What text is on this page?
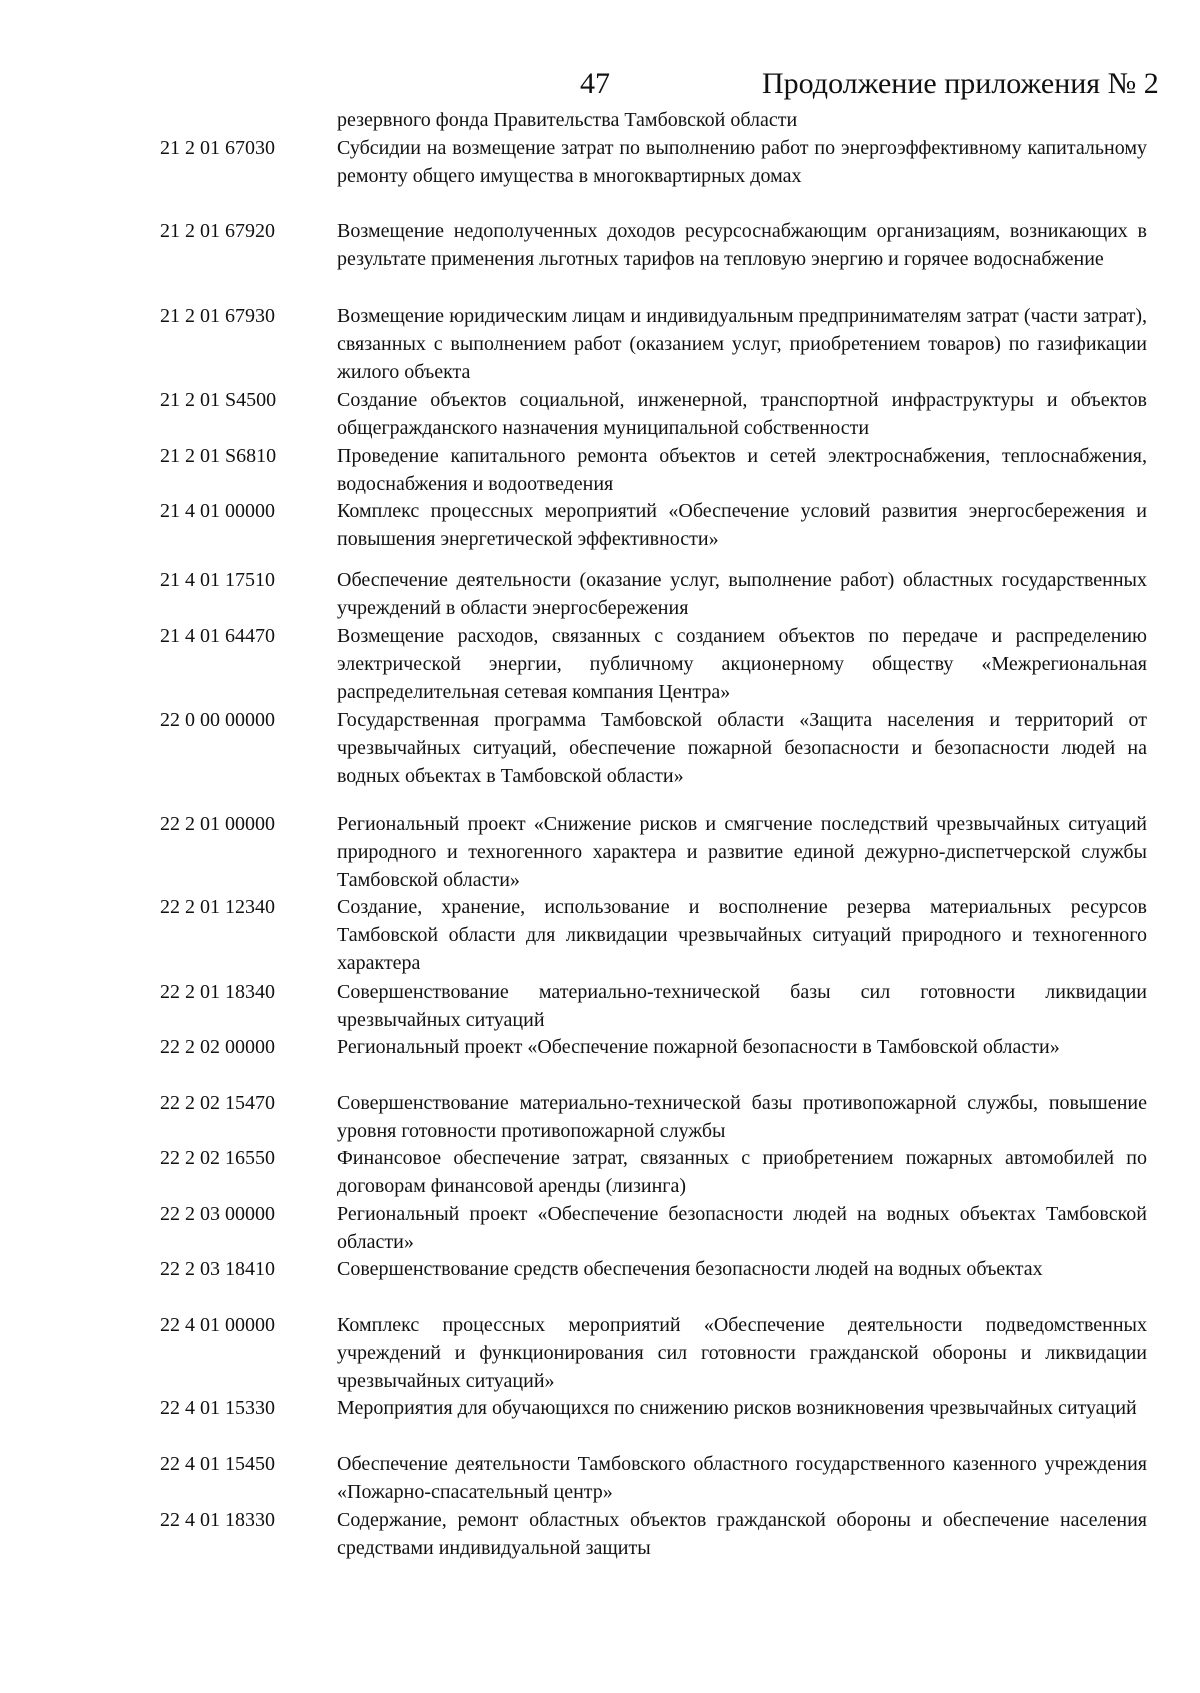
47	Продолжение приложения № 2
резервного фонда Правительства Тамбовской области
21 2 01 67030	Субсидии на возмещение затрат по выполнению работ по энергоэффективному капитальному ремонту общего имущества в многоквартирных домах
21 2 01 67920	Возмещение недополученных доходов ресурсоснабжающим организациям, возникающих в результате применения льготных тарифов на тепловую энергию и горячее водоснабжение
21 2 01 67930	Возмещение юридическим лицам и индивидуальным предпринимателям затрат (части затрат), связанных с выполнением работ (оказанием услуг, приобретением товаров) по газификации жилого объекта
21 2 01 S4500	Создание объектов социальной, инженерной, транспортной инфраструктуры и объектов общегражданского назначения муниципальной собственности
21 2 01 S6810	Проведение капитального ремонта объектов и сетей электроснабжения, теплоснабжения, водоснабжения и водоотведения
21 4 01 00000	Комплекс процессных мероприятий «Обеспечение условий развития энергосбережения и повышения энергетической эффективности»
21 4 01 17510	Обеспечение деятельности (оказание услуг, выполнение работ) областных государственных учреждений в области энергосбережения
21 4 01 64470	Возмещение расходов, связанных с созданием объектов по передаче и распределению электрической энергии, публичному акционерному обществу «Межрегиональная распределительная сетевая компания Центра»
22 0 00 00000	Государственная программа Тамбовской области «Защита населения и территорий от чрезвычайных ситуаций, обеспечение пожарной безопасности и безопасности людей на водных объектах в Тамбовской области»
22 2 01 00000	Региональный проект «Снижение рисков и смягчение последствий чрезвычайных ситуаций природного и техногенного характера и развитие единой дежурно-диспетчерской службы Тамбовской области»
22 2 01 12340	Создание, хранение, использование и восполнение резерва материальных ресурсов Тамбовской области для ликвидации чрезвычайных ситуаций природного и техногенного характера
22 2 01 18340	Совершенствование материально-технической базы сил готовности ликвидации чрезвычайных ситуаций
22 2 02 00000	Региональный проект «Обеспечение пожарной безопасности в Тамбовской области»
22 2 02 15470	Совершенствование материально-технической базы противопожарной службы, повышение уровня готовности противопожарной службы
22 2 02 16550	Финансовое обеспечение затрат, связанных с приобретением пожарных автомобилей по договорам финансовой аренды (лизинга)
22 2 03 00000	Региональный проект «Обеспечение безопасности людей на водных объектах Тамбовской области»
22 2 03 18410	Совершенствование средств обеспечения безопасности людей на водных объектах
22 4 01 00000	Комплекс процессных мероприятий «Обеспечение деятельности подведомственных учреждений и функционирования сил готовности гражданской обороны и ликвидации чрезвычайных ситуаций»
22 4 01 15330	Мероприятия для обучающихся по снижению рисков возникновения чрезвычайных ситуаций
22 4 01 15450	Обеспечение деятельности Тамбовского областного государственного казенного учреждения «Пожарно-спасательный центр»
22 4 01 18330	Содержание, ремонт областных объектов гражданской обороны и обеспечение населения средствами индивидуальной защиты
